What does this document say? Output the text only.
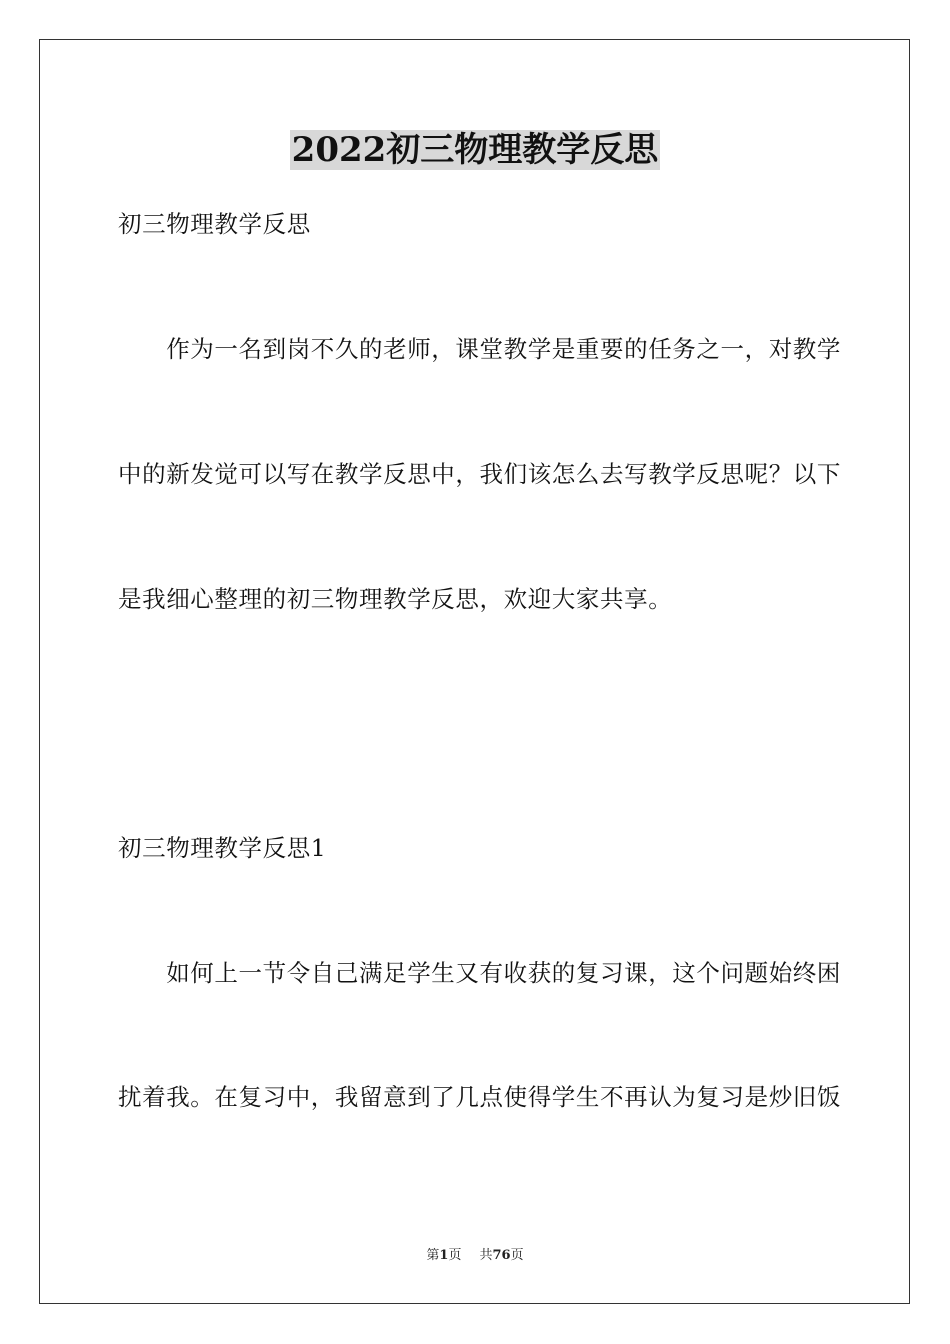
2022初三物理教学反思
初三物理教学反思
　　作为一名到岗不久的老师，课堂教学是重要的任务之一，对教学
中的新发觉可以写在教学反思中，我们该怎么去写教学反思呢？以下
是我细心整理的初三物理教学反思，欢迎大家共享。
初三物理教学反思1
　　如何上一节令自己满足学生又有收获的复习课，这个问题始终困
扰着我。在复习中，我留意到了几点使得学生不再认为复习是炒旧饭
第1页 共76页
